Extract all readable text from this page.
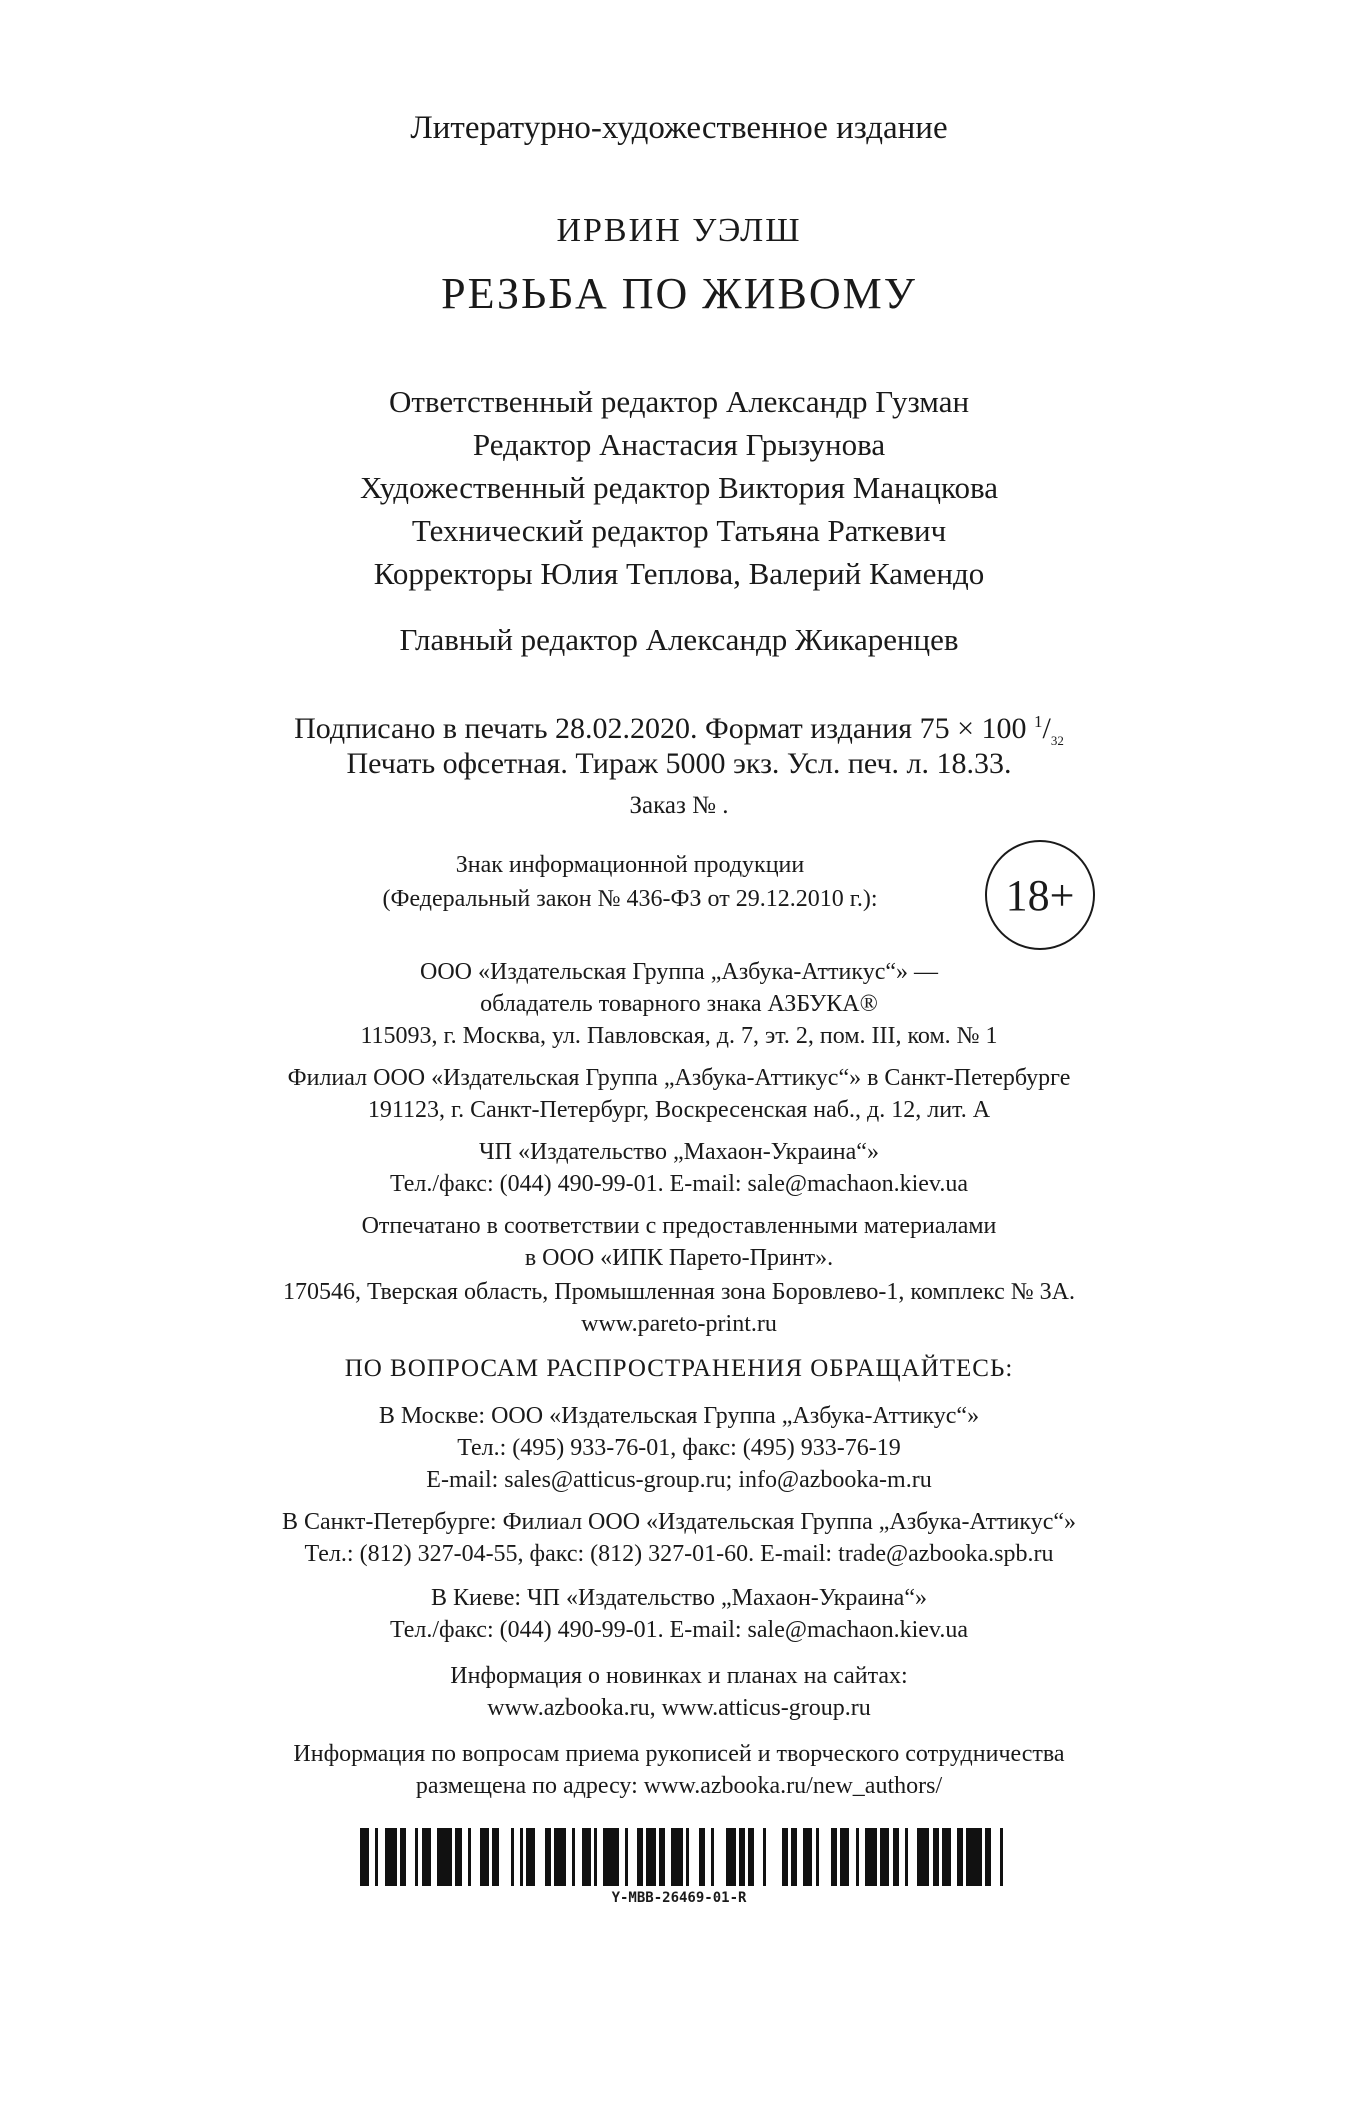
Литературно-художественное издание
ИРВИН УЭЛШ
РЕЗЬБА ПО ЖИВОМУ
Ответственный редактор Александр Гузман
Редактор Анастасия Грызунова
Художественный редактор Виктория Манацкова
Технический редактор Татьяна Раткевич
Корректоры Юлия Теплова, Валерий Камендо
Главный редактор Александр Жикаренцев
Подписано в печать 28.02.2020. Формат издания 75 × 100 $^1/_{32}$
Печать офсетная. Тираж 5000 экз. Усл. печ. л. 18.33.
Заказ № .
Знак информационной продукции
(Федеральный закон № 436-ФЗ от 29.12.2010 г.):	18+
ООО «Издательская Группа „Азбука-Аттикус“» —
обладатель товарного знака АЗБУКА®
115093, г. Москва, ул. Павловская, д. 7, эт. 2, пом. III, ком. № 1
Филиал ООО «Издательская Группа „Азбука-Аттикус“» в Санкт-Петербурге
191123, г. Санкт-Петербург, Воскресенская наб., д. 12, лит. А
ЧП «Издательство „Махаон-Украина“»
Тел./факс: (044) 490-99-01. E-mail: sale@machaon.kiev.ua
Отпечатано в соответствии с предоставленными материалами
в ООО «ИПК Парето-Принт».
170546, Тверская область, Промышленная зона Боровлево-1, комплекс № 3А.
www.pareto-print.ru
ПО ВОПРОСАМ РАСПРОСТРАНЕНИЯ ОБРАЩАЙТЕСЬ:
В Москве: ООО «Издательская Группа „Азбука-Аттикус“»
Тел.: (495) 933-76-01, факс: (495) 933-76-19
E-mail: sales@atticus-group.ru; info@azbooka-m.ru
В Санкт-Петербурге: Филиал ООО «Издательская Группа „Азбука-Аттикус“»
Тел.: (812) 327-04-55, факс: (812) 327-01-60. E-mail: trade@azbooka.spb.ru
В Киеве: ЧП «Издательство „Махаон-Украина“»
Тел./факс: (044) 490-99-01. E-mail: sale@machaon.kiev.ua
Информация о новинках и планах на сайтах:
www.azbooka.ru, www.atticus-group.ru
Информация по вопросам приема рукописей и творческого сотрудничества
размещена по адресу: www.azbooka.ru/new_authors/
Y-MBB-26469-01-R
